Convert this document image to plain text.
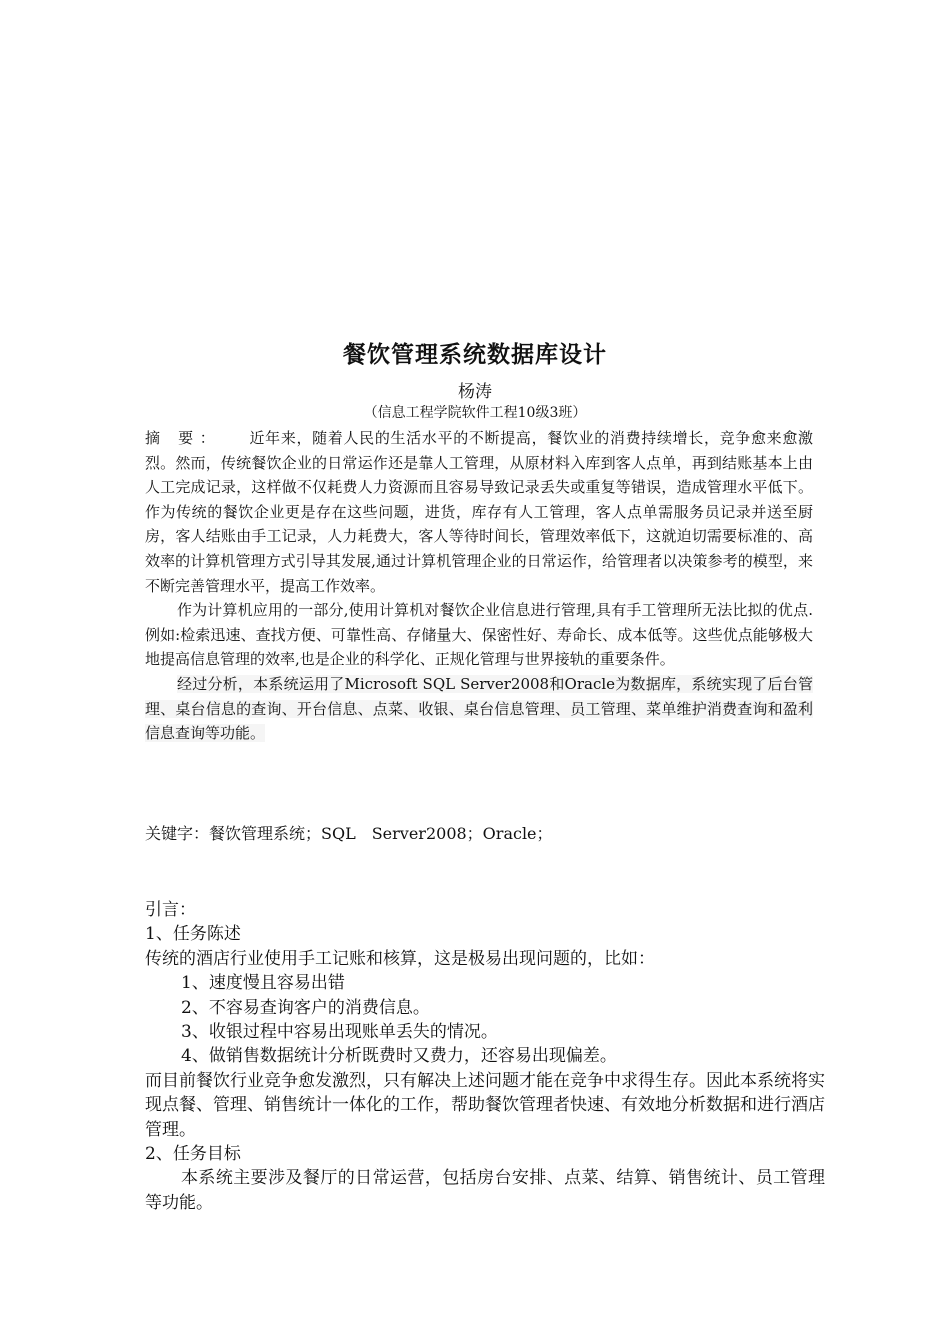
餐饮管理系统数据库设计
杨涛
（信息工程学院软件工程10级3班）

摘 要： 近年来，随着人民的生活水平的不断提高，餐饮业的消费持续增长，竞争愈来愈激烈。然而，传统餐饮企业的日常运作还是靠人工管理，从原材料入库到客人点单，再到结账基本上由人工完成记录，这样做不仅耗费人力资源而且容易导致记录丢失或重复等错误，造成管理水平低下。作为传统的餐饮企业更是存在这些问题，进货，库存有人工管理，客人点单需服务员记录并送至厨房，客人结账由手工记录，人力耗费大，客人等待时间长，管理效率低下，这就迫切需要标准的、高效率的计算机管理方式引导其发展,通过计算机管理企业的日常运作，给管理者以决策参考的模型，来不断完善管理水平，提高工作效率。

作为计算机应用的一部分,使用计算机对餐饮企业信息进行管理,具有手工管理所无法比拟的优点.例如:检索迅速、查找方便、可靠性高、存储量大、保密性好、寿命长、成本低等。这些优点能够极大地提高信息管理的效率,也是企业的科学化、正规化管理与世界接轨的重要条件。

经过分析，本系统运用了Microsoft SQL Server2008和Oracle为数据库，系统实现了后台管理、桌台信息的查询、开台信息、点菜、收银、桌台信息管理、员工管理、菜单维护消费查询和盈利信息查询等功能。

关键字：餐饮管理系统；SQL　Server2008；Oracle；

引言：

1、任务陈述

传统的酒店行业使用手工记账和核算，这是极易出现问题的，比如：

1、速度慢且容易出错

2、不容易查询客户的消费信息。

3、收银过程中容易出现账单丢失的情况。

4、做销售数据统计分析既费时又费力，还容易出现偏差。

而目前餐饮行业竞争愈发激烈，只有解决上述问题才能在竞争中求得生存。因此本系统将实现点餐、管理、销售统计一体化的工作，帮助餐饮管理者快速、有效地分析数据和进行酒店管理。

2、任务目标

本系统主要涉及餐厅的日常运营，包括房台安排、点菜、结算、销售统计、员工管理等功能。
